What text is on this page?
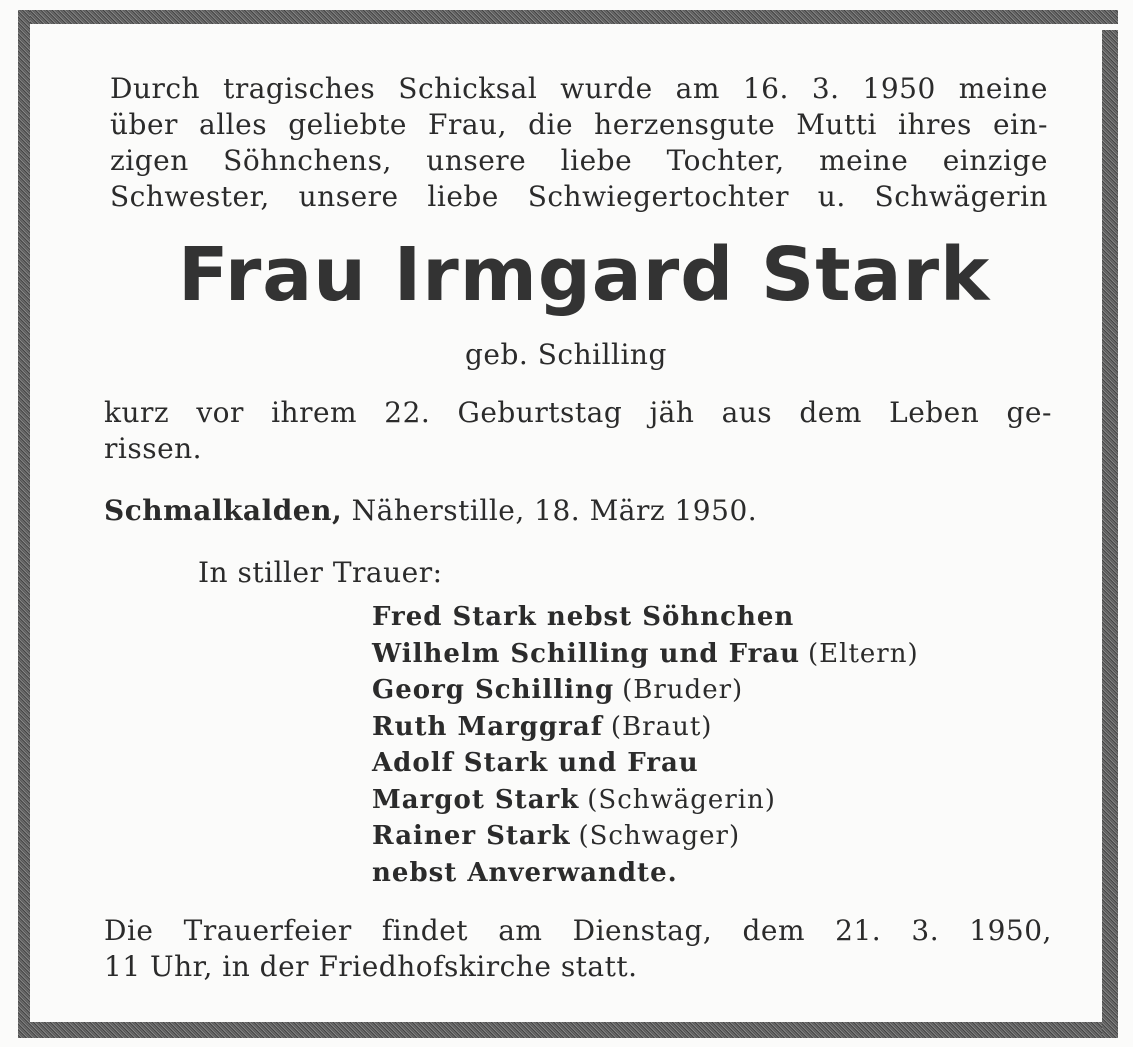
Durch tragisches Schicksal wurde am 16. 3. 1950 meine

über alles geliebte Frau, die herzensgute Mutti ihres ein-

zigen Söhnchens, unsere liebe Tochter, meine einzige

Schwester, unsere liebe Schwiegertochter u. Schwägerin

Frau Irmgard Stark

geb. Schilling

kurz vor ihrem 22. Geburtstag jäh aus dem Leben ge-

rissen.

Schmalkalden, Näherstille, 18. März 1950.

In stiller Trauer:

Fred Stark nebst Söhnchen

Wilhelm Schilling und Frau (Eltern)

Georg Schilling (Bruder)

Ruth Marggraf (Braut)

Adolf Stark und Frau

Margot Stark (Schwägerin)

Rainer Stark (Schwager)

nebst Anverwandte.

Die Trauerfeier findet am Dienstag, dem 21. 3. 1950,

11 Uhr, in der Friedhofskirche statt.
